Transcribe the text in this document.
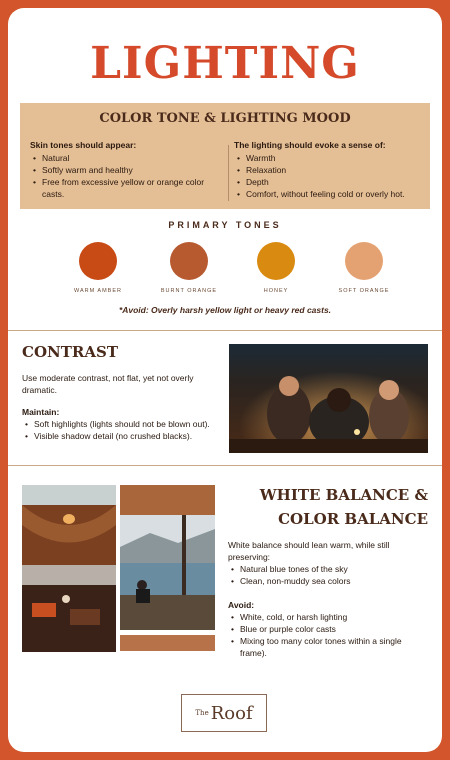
LIGHTING
COLOR TONE & LIGHTING MOOD
Skin tones should appear:
• Natural
• Softly warm and healthy
• Free from excessive yellow or orange color casts.
The lighting should evoke a sense of:
• Warmth
• Relaxation
• Depth
• Comfort, without feeling cold or overly hot.
PRIMARY TONES
WARM AMBER	BURNT ORANGE	HONEY	SOFT ORANGE
*Avoid: Overly harsh yellow light or heavy red casts.
CONTRAST

Use moderate contrast, not flat, yet not overly dramatic.

Maintain:

• Soft highlights (lights should not be blown out).
• Visible shadow detail (no crushed blacks).
WHITE BALANCE &
COLOR BALANCE

White balance should lean warm, while still preserving:

• Natural blue tones of the sky
• Clean, non-muddy sea colors

Avoid:

• White, cold, or harsh lighting
• Blue or purple color casts
• Mixing too many color tones within a single frame).
The Roof
